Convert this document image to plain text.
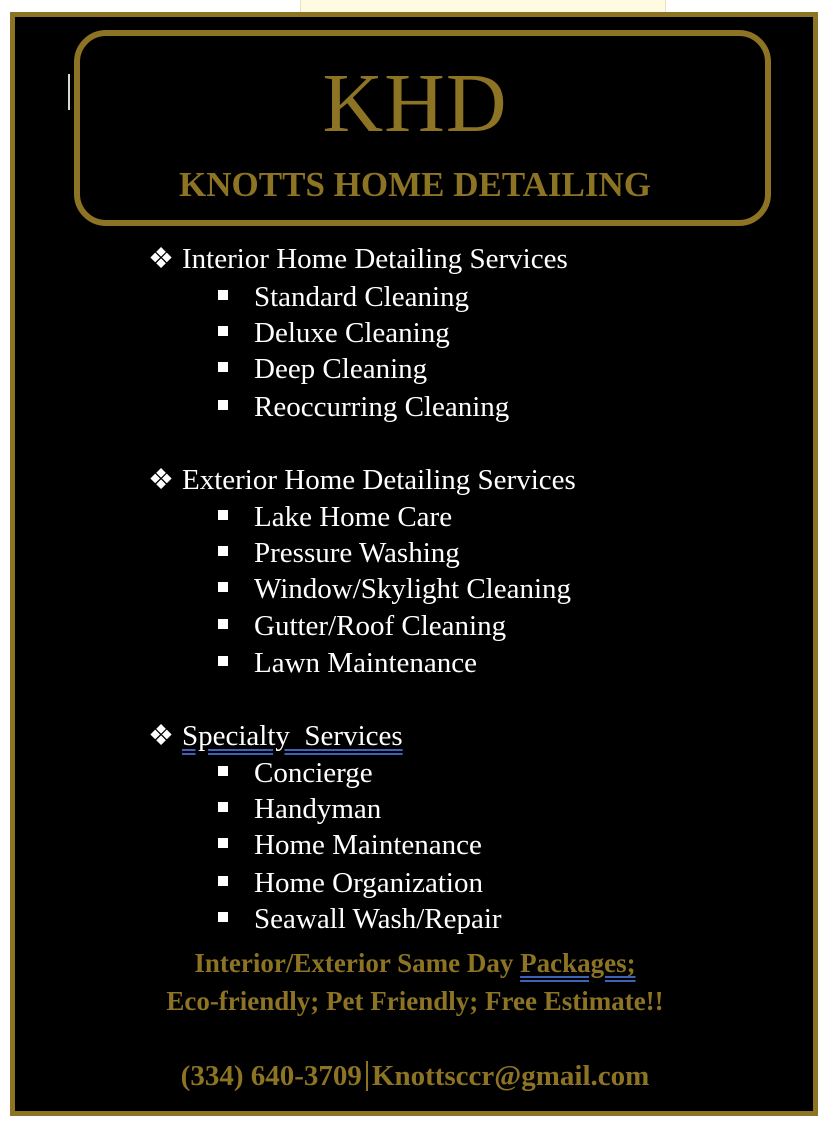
KHD
KNOTTS HOME DETAILING
❖ Interior Home Detailing Services
Standard Cleaning
Deluxe Cleaning
Deep Cleaning
Reoccurring Cleaning
❖ Exterior Home Detailing Services
Lake Home Care
Pressure Washing
Window/Skylight Cleaning
Gutter/Roof Cleaning
Lawn Maintenance
❖ Specialty  Services
Concierge
Handyman
Home Maintenance
Home Organization
Seawall Wash/Repair
Interior/Exterior Same Day Packages;
Eco-friendly; Pet Friendly; Free Estimate!!
(334) 640-3709 Knottsccr@gmail.com
